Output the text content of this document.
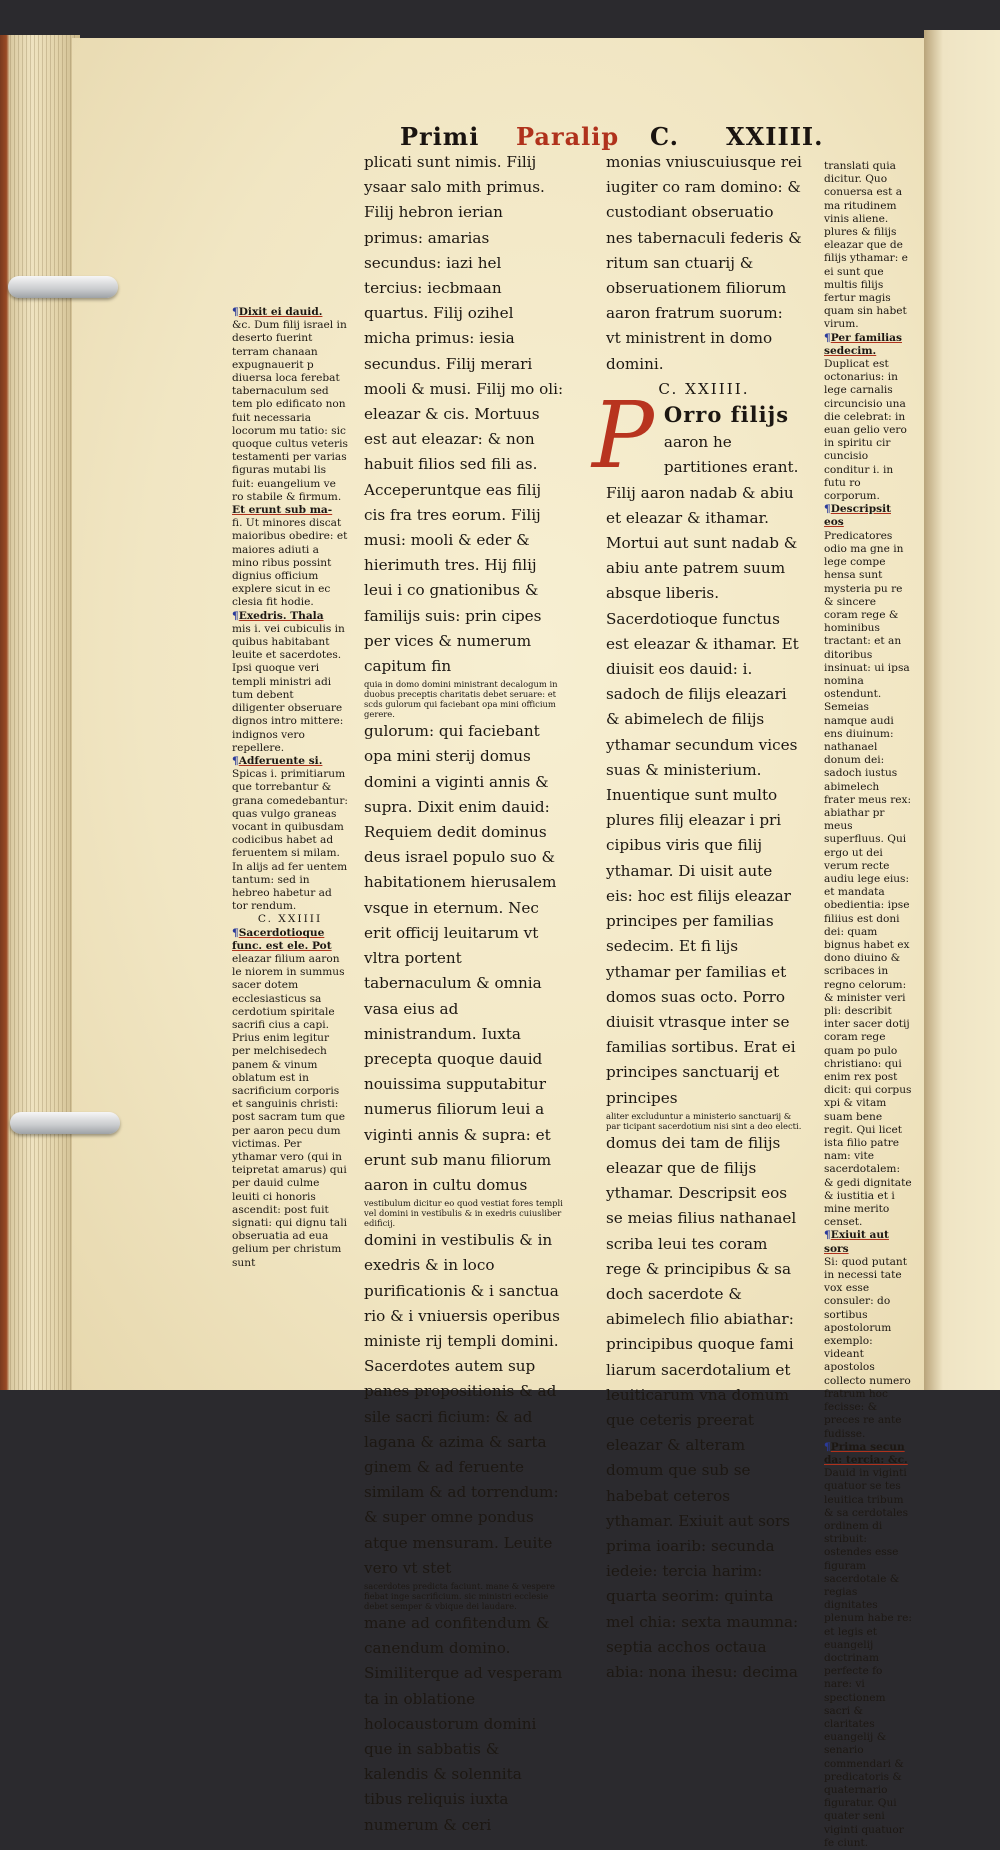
Primi Paralip C. XXIIII.

¶Dixit ei dauid.

&c. Dum filij israel in deserto fuerint terram chanaan expugnauerit p diuersa loca ferebat tabernaculum sed tem plo edificato non fuit necessaria locorum mu tatio: sic quoque cultus veteris testamenti per varias figuras mutabi lis fuit: euangelium ve ro stabile & firmum.

Et erunt sub ma-

fi. Ut minores discat maioribus obedire: et maiores adiuti a mino ribus possint dignius officium explere sicut in ec clesia fit hodie.

¶Exedris. Thala

mis i. vei cubiculis in quibus habitabant leuite et sacerdotes. Ipsi quoque veri templi ministri adi tum debent diligenter obseruare dignos intro mittere: indignos vero repellere.

¶Adferuente si.

Spicas i. primitiarum que torrebantur & grana comedebantur: quas vulgo graneas vocant in quibusdam codicibus habet ad feruentem si milam. In alijs ad fer uentem tantum: sed in hebreo habetur ad tor rendum.

C. XXIIII

¶Sacerdotioque func. est ele. Pot

eleazar filium aaron le niorem in summus sacer dotem ecclesiasticus sa cerdotium spiritale sacrifi cius a capi. Prius enim legitur per melchisedech panem & vinum oblatum est in sacrificium corporis et sanguinis christi: post sacram tum que per aaron pecu dum victimas. Per ythamar vero (qui in teipretat amarus) qui per dauid culme leuiti ci honoris ascendit: post fuit signati: qui dignu tali obseruatia ad eua gelium per christum sunt

plicati sunt nimis. Filij ysaar salo mith primus. Filij hebron ierian primus: amarias secundus: iazi hel tercius: iecbmaan quartus. Filij ozihel micha primus: iesia secundus. Filij merari mooli & musi. Filij mo oli: eleazar & cis. Mortuus est aut eleazar: & non habuit filios sed fili as. Acceperuntque eas filij cis fra tres eorum. Filij musi: mooli & eder & hierimuth tres. Hij filij leui i co gnationibus & familijs suis: prin cipes per vices & numerum capitum fin

quia in domo domini ministrant decalogum in duobus preceptis charitatis debet seruare: et scds gulorum qui faciebant opa mini officium gerere.

gulorum: qui faciebant opa mini sterij domus domini a viginti annis & supra. Dixit enim dauid: Requiem dedit dominus deus israel populo suo & habitationem hierusalem vsque in eternum. Nec erit officij leuitarum vt vltra portent tabernaculum & omnia vasa eius ad ministrandum. Iuxta precepta quoque dauid nouissima supputabitur numerus filiorum leui a viginti annis & supra: et erunt sub manu filiorum aaron in cultu domus

vestibulum dicitur eo quod vestiat fores templi vel domini in vestibulis & in exedris cuiusliber edificij.

domini in vestibulis & in exedris & in loco purificationis & i sanctua rio & i vniuersis operibus ministe rij templi domini. Sacerdotes autem sup panes propositionis & ad sile sacri ficium: & ad lagana & azima & sarta ginem & ad feruente similam & ad torrendum: & super omne pondus atque mensuram. Leuite vero vt stet

sacerdotes predicta faciunt. mane & vespere fiebat inge sacrificium. sic ministri ecclesie debet semper & vbique dei laudare.

mane ad confitendum & canendum domino. Similiterque ad vesperam ta in oblatione holocaustorum domini que in sabbatis & kalendis & solennita tibus reliquis iuxta numerum & ceri

monias vniuscuiusque rei iugiter co ram domino: & custodiant obseruatio nes tabernaculi federis & ritum san ctuarij & obseruationem filiorum aaron fratrum suorum: vt ministrent in domo domini.

C. XXIIII.

P Orro filijs

aaron he partitiones erant. Filij aaron nadab & abiu et eleazar & ithamar. Mortui aut sunt nadab & abiu ante patrem suum absque liberis. Sacerdotioque functus est eleazar & ithamar. Et diuisit eos dauid: i. sadoch de filijs eleazari & abimelech de filijs ythamar secundum vices suas & ministerium. Inuentique sunt multo plures filij eleazar i pri cipibus viris que filij ythamar. Di uisit aute eis: hoc est filijs eleazar principes per familias sedecim. Et fi lijs ythamar per familias et domos suas octo. Porro diuisit vtrasque inter se familias sortibus. Erat ei principes sanctuarij et principes

aliter excluduntur a ministerio sanctuarij & par ticipant sacerdotium nisi sint a deo electi.

domus dei tam de filijs eleazar que de filijs ythamar. Descripsit eos se meias filius nathanael scriba leui tes coram rege & principibus & sa doch sacerdote & abimelech filio abiathar: principibus quoque fami liarum sacerdotalium et leuiticarum vna domum que ceteris preerat eleazar & alteram domum que sub se habebat ceteros ythamar. Exiuit aut sors prima ioarib: secunda iedeie: tercia harim: quarta seorim: quinta mel chia: sexta maumna: septia acchos octaua abia: nona ihesu: decima

translati quia dicitur. Quo conuersa est a ma ritudinem vinis aliene. plures & filijs eleazar que de filijs ythamar: e ei sunt que multis filijs fertur magis quam sin habet virum.

¶Per familias sedecim.

Duplicat est octonarius: in lege carnalis circuncisio una die celebrat: in euan gelio vero in spiritu cir cuncisio conditur i. in futu ro corporum.

¶Descripsit eos

Predicatores odio ma gne in lege compe hensa sunt mysteria pu re & sincere coram rege & hominibus tractant: et an ditoribus insinuat: ui ipsa nomina ostendunt. Semeias namque audi ens diuinum: nathanael donum dei: sadoch iustus abimelech frater meus rex: abiathar pr meus superfluus. Qui ergo ut dei verum recte audiu lege eius: et mandata obedientia: ipse filiius est doni dei: quam bignus habet ex dono diuino & scribaces in regno celorum: & minister veri pli: describit inter sacer dotij coram rege quam po pulo christiano: qui enim rex post dicit: qui corpus xpi & vitam suam bene regit. Qui licet ista filio patre nam: vite sacerdotalem: & gedi dignitate & iustitia et i mine merito censet.

¶Exiuit aut sors

Si: quod putant in necessi tate vox esse consuler: do sortibus apostolorum exemplo: videant apostolos collecto numero fratrum hoc fecisse: & preces re ante fudisse.

¶Prima secun da: tercia: &c.

Dauid in viginti quatuor se tes leuitica tribum & sa cerdotales ordinem di stribuit: ostendes esse figuram sacerdotale & regias dignitates plenum habe re: et legis et euangelij doctrinam perfecte fo nare: vi spectionem sacri & claritates euangelij & senario commendari & predicatoris & quaternario figuratur. Qui quater seni viginti quatuor fe ciunt.
